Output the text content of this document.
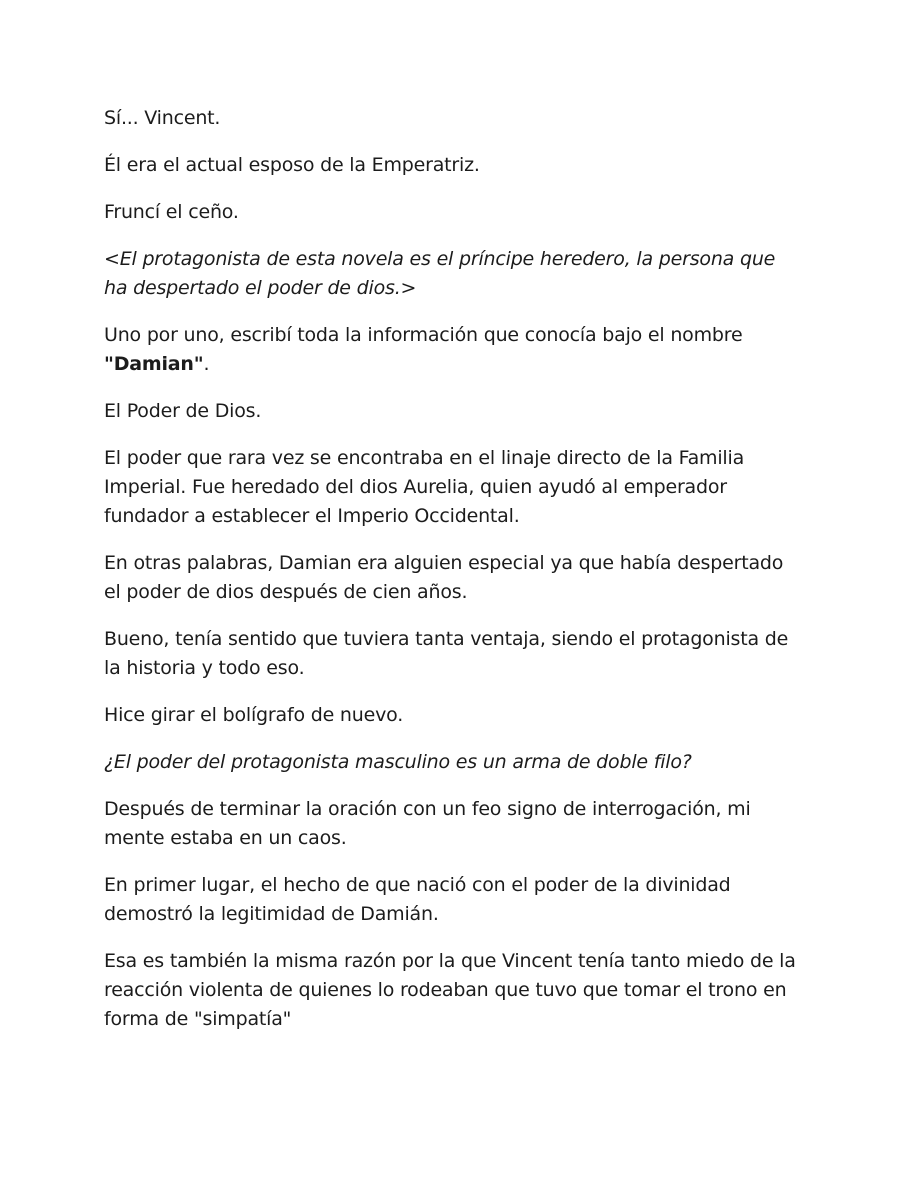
Sí... Vincent.

Él era el actual esposo de la Emperatriz.

Fruncí el ceño.

<El protagonista de esta novela es el príncipe heredero, la persona que ha despertado el poder de dios.>

Uno por uno, escribí toda la información que conocía bajo el nombre "Damian".

El Poder de Dios.

El poder que rara vez se encontraba en el linaje directo de la Familia Imperial. Fue heredado del dios Aurelia, quien ayudó al emperador fundador a establecer el Imperio Occidental.

En otras palabras, Damian era alguien especial ya que había despertado el poder de dios después de cien años.

Bueno, tenía sentido que tuviera tanta ventaja, siendo el protagonista de la historia y todo eso.

Hice girar el bolígrafo de nuevo.

¿El poder del protagonista masculino es un arma de doble filo?

Después de terminar la oración con un feo signo de interrogación, mi mente estaba en un caos.

En primer lugar, el hecho de que nació con el poder de la divinidad demostró la legitimidad de Damián.

Esa es también la misma razón por la que Vincent tenía tanto miedo de la reacción violenta de quienes lo rodeaban que tuvo que tomar el trono en forma de "simpatía"
